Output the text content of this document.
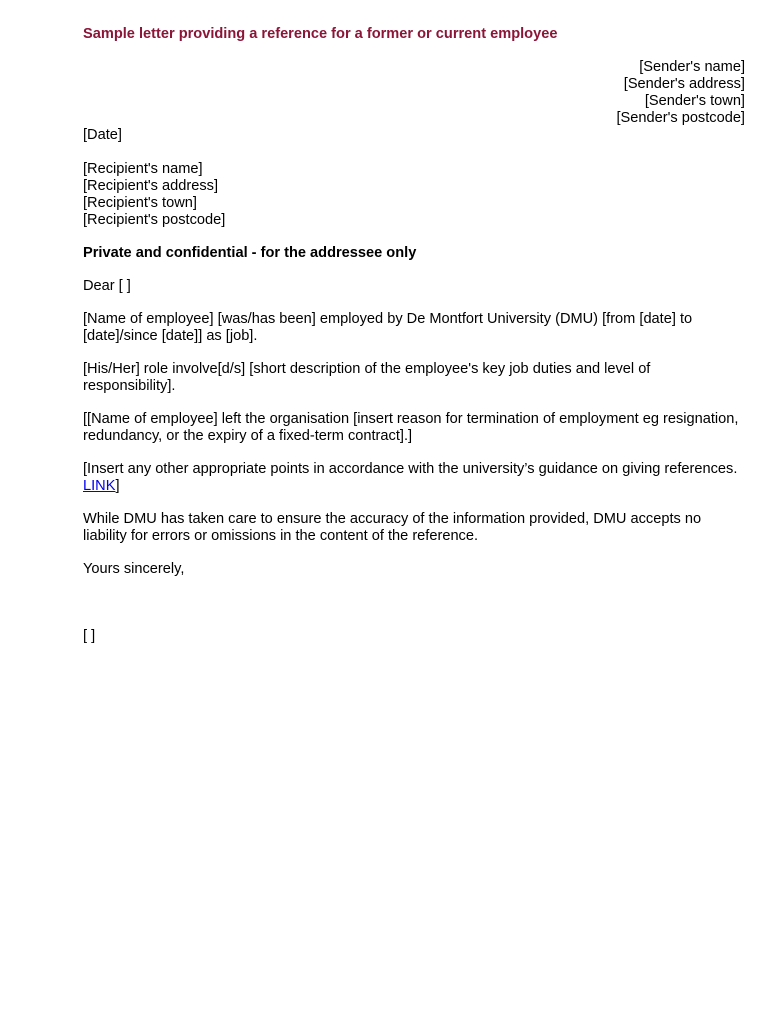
Sample letter providing a reference for a former or current employee
[Sender's name]
[Sender's address]
[Sender's town]
[Sender's postcode]
[Date]
[Recipient's name]
[Recipient's address]
[Recipient's town]
[Recipient's postcode]
Private and confidential - for the addressee only

Dear [ ]

[Name of employee] [was/has been] employed by De Montfort University (DMU) [from [date] to [date]/since [date]] as [job].

[His/Her] role involve[d/s] [short description of the employee's key job duties and level of responsibility].

[[Name of employee] left the organisation [insert reason for termination of employment eg resignation, redundancy, or the expiry of a fixed-term contract].]

[Insert any other appropriate points in accordance with the university’s guidance on giving references. LINK]

While DMU has taken care to ensure the accuracy of the information provided, DMU accepts no liability for errors or omissions in the content of the reference.

Yours sincerely,

[ ]
